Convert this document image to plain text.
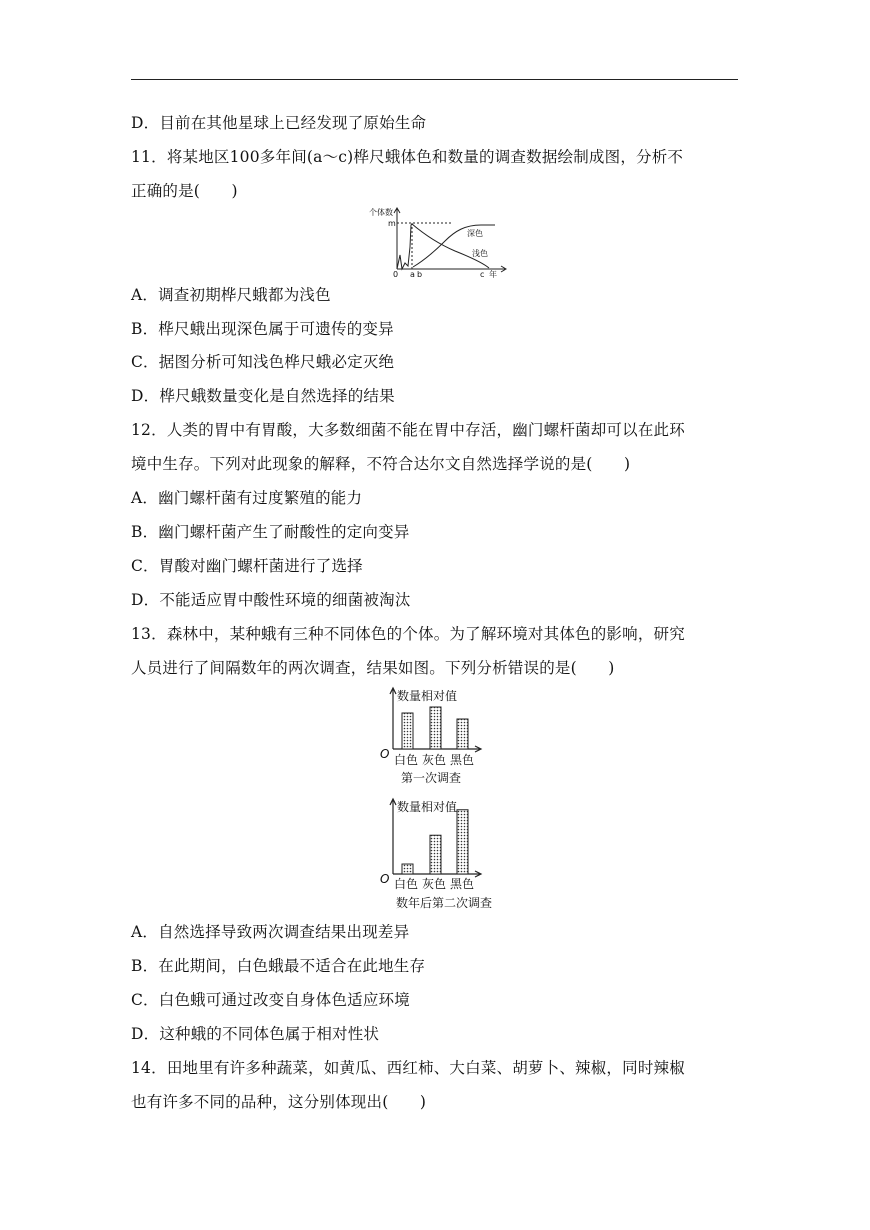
D．目前在其他星球上已经发现了原始生命
11．将某地区100多年间(a～c)桦尺蛾体色和数量的调查数据绘制成图，分析不
正确的是(　　)
个体数
m
0 a b	c 年
深色
浅色
A．调查初期桦尺蛾都为浅色
B．桦尺蛾出现深色属于可遗传的变异
C．据图分析可知浅色桦尺蛾必定灭绝
D．桦尺蛾数量变化是自然选择的结果
12．人类的胃中有胃酸，大多数细菌不能在胃中存活，幽门螺杆菌却可以在此环
境中生存。下列对此现象的解释，不符合达尔文自然选择学说的是(　　)
A．幽门螺杆菌有过度繁殖的能力
B．幽门螺杆菌产生了耐酸性的定向变异
C．胃酸对幽门螺杆菌进行了选择
D．不能适应胃中酸性环境的细菌被淘汰
13．森林中，某种蛾有三种不同体色的个体。为了解环境对其体色的影响，研究
人员进行了间隔数年的两次调查，结果如图。下列分析错误的是(　　)
数量相对值
O 白色 灰色 黑色
第一次调查
数量相对值
O 白色 灰色 黑色
数年后第二次调查
A．自然选择导致两次调查结果出现差异
B．在此期间，白色蛾最不适合在此地生存
C．白色蛾可通过改变自身体色适应环境
D．这种蛾的不同体色属于相对性状
14．田地里有许多种蔬菜，如黄瓜、西红柿、大白菜、胡萝卜、辣椒，同时辣椒
也有许多不同的品种，这分别体现出(　　)
